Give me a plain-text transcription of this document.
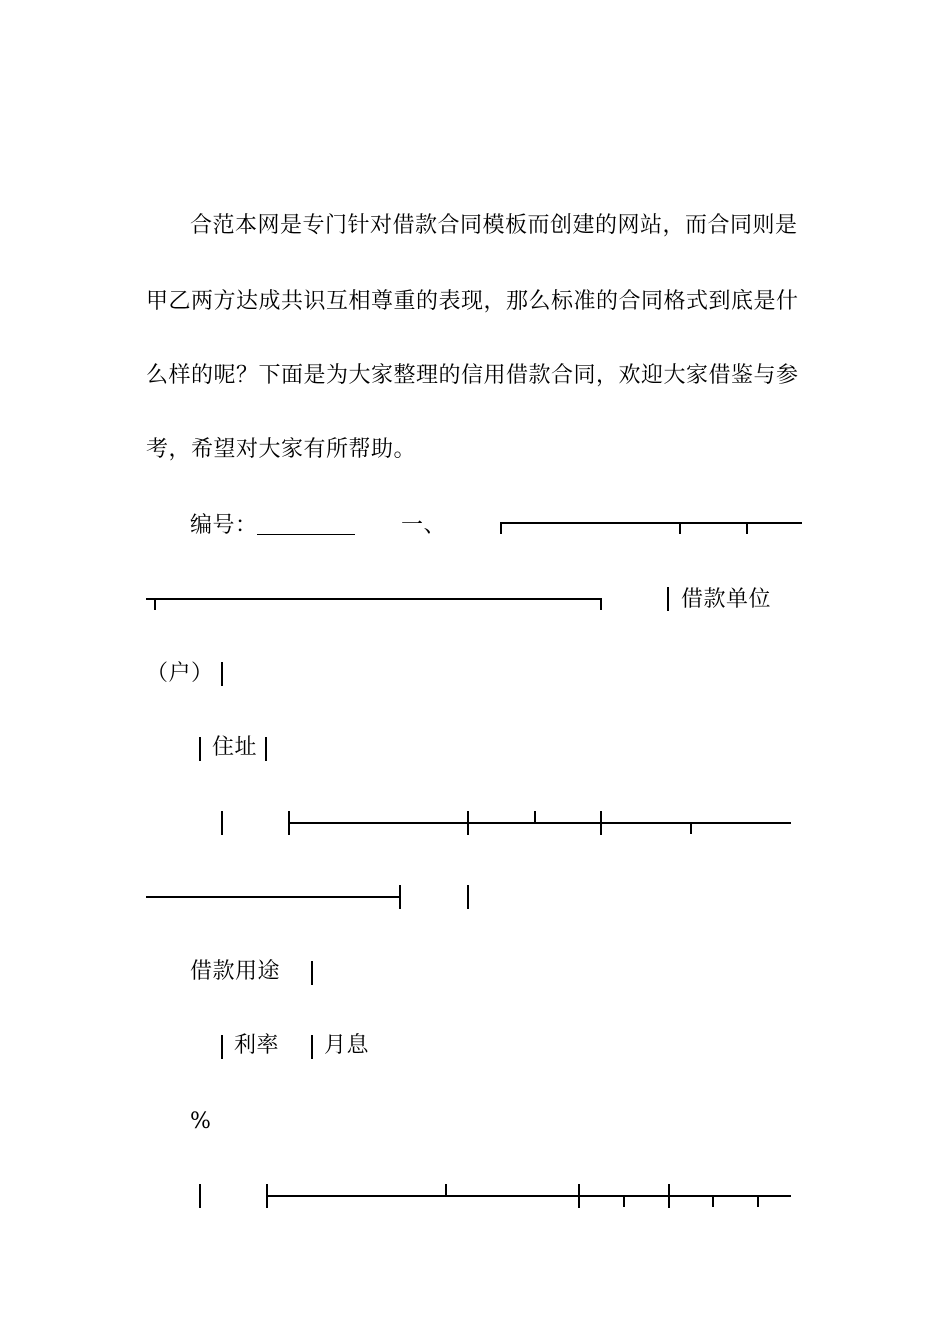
合范本网是专门针对借款合同模板而创建的网站，而合同则是
甲乙两方达成共识互相尊重的表现，那么标准的合同格式到底是什
么样的呢？下面是为大家整理的信用借款合同，欢迎大家借鉴与参
考，希望对大家有所帮助。
编号：	一、
借款单位
（户）
住址
借款用途
利率 月息
%
